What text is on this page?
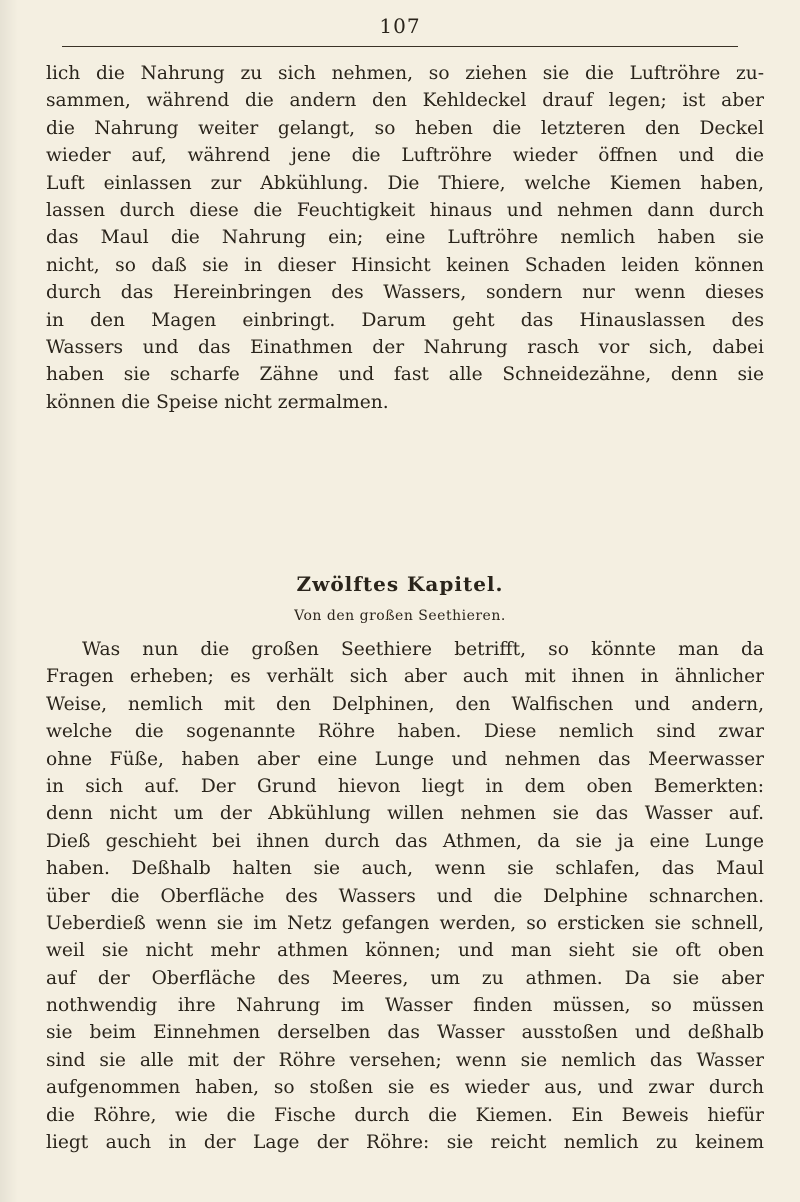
107
lich die Nahrung zu sich nehmen, so ziehen sie die Luftröhre zu-
sammen, während die andern den Kehldeckel drauf legen; ist aber
die Nahrung weiter gelangt, so heben die letzteren den Deckel
wieder auf, während jene die Luftröhre wieder öffnen und die
Luft einlassen zur Abkühlung. Die Thiere, welche Kiemen haben,
lassen durch diese die Feuchtigkeit hinaus und nehmen dann durch
das Maul die Nahrung ein; eine Luftröhre nemlich haben sie
nicht, so daß sie in dieser Hinsicht keinen Schaden leiden können
durch das Hereinbringen des Wassers, sondern nur wenn dieses
in den Magen einbringt. Darum geht das Hinauslassen des
Wassers und das Einathmen der Nahrung rasch vor sich, dabei
haben sie scharfe Zähne und fast alle Schneidezähne, denn sie
können die Speise nicht zermalmen.
Zwölftes Kapitel.
Von den großen Seethieren.
Was nun die großen Seethiere betrifft, so könnte man da
Fragen erheben; es verhält sich aber auch mit ihnen in ähnlicher
Weise, nemlich mit den Delphinen, den Walfischen und andern,
welche die sogenannte Röhre haben. Diese nemlich sind zwar
ohne Füße, haben aber eine Lunge und nehmen das Meerwasser
in sich auf. Der Grund hievon liegt in dem oben Bemerkten:
denn nicht um der Abkühlung willen nehmen sie das Wasser auf.
Dieß geschieht bei ihnen durch das Athmen, da sie ja eine Lunge
haben. Deßhalb halten sie auch, wenn sie schlafen, das Maul
über die Oberfläche des Wassers und die Delphine schnarchen.
Ueberdieß wenn sie im Netz gefangen werden, so ersticken sie schnell,
weil sie nicht mehr athmen können; und man sieht sie oft oben
auf der Oberfläche des Meeres, um zu athmen. Da sie aber
nothwendig ihre Nahrung im Wasser finden müssen, so müssen
sie beim Einnehmen derselben das Wasser ausstoßen und deßhalb
sind sie alle mit der Röhre versehen; wenn sie nemlich das Wasser
aufgenommen haben, so stoßen sie es wieder aus, und zwar durch
die Röhre, wie die Fische durch die Kiemen. Ein Beweis hiefür
liegt auch in der Lage der Röhre: sie reicht nemlich zu keinem
